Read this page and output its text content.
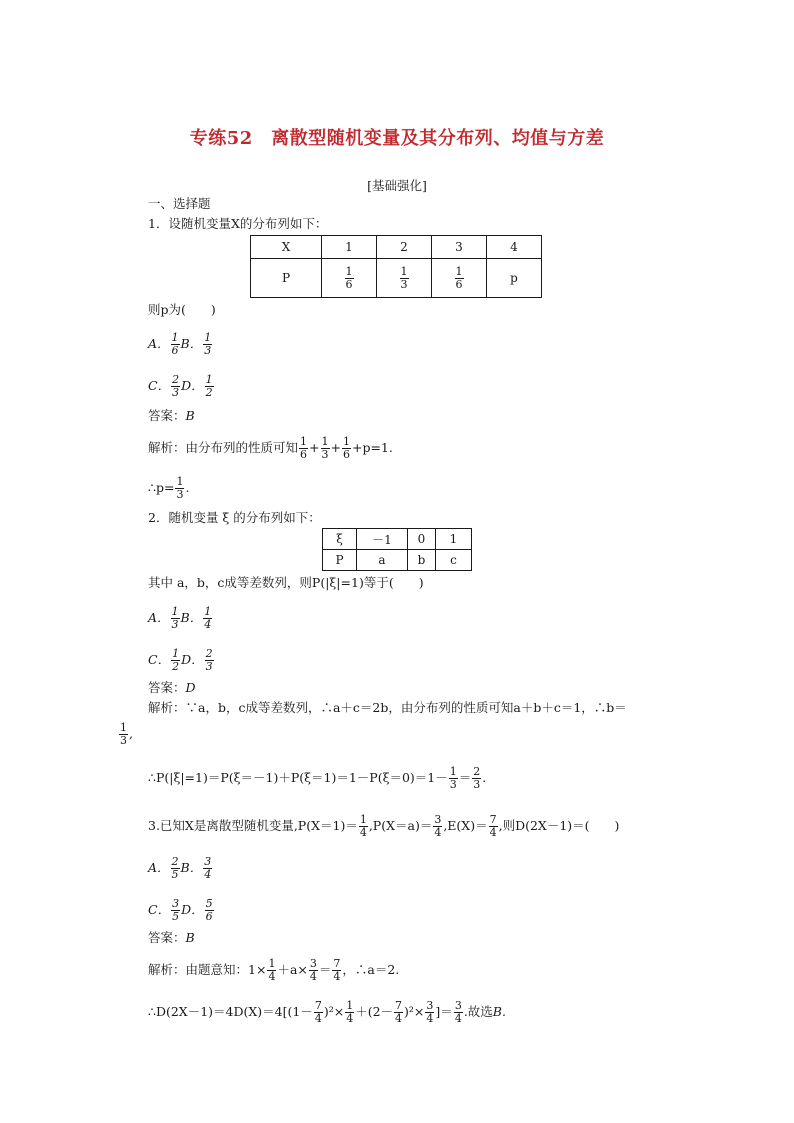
专练52　离散型随机变量及其分布列、均值与方差
[基础强化]
一、选择题
1．设随机变量X的分布列如下：
X	1	2	3	4
P	$\frac{1}{6}$	$\frac{1}{3}$	$\frac{1}{6}$	p
则p为(　　)
A． $\frac{1}{6}$ B． $\frac{1}{3}$
C． $\frac{2}{3}$ D． $\frac{1}{2}$
答案：B
解析：由分布列的性质可知 $\frac{1}{6} + \frac{1}{3} + \frac{1}{6} +p=1$.
∴p= $\frac{1}{3}$ .
2．随机变量 ξ 的分布列如下：
ξ	－1	0	1
P	a	b	c
其中 a，b，c成等差数列，则P(|ξ|=1)等于(　　)
A． $\frac{1}{3}$ B． $\frac{1}{4}$
C． $\frac{1}{2}$ D． $\frac{2}{3}$
答案：D
解析：∵a，b，c成等差数列，∴a＋c＝2b，由分布列的性质可知a＋b＋c＝1，∴b＝
$\frac{1}{3}$ ,
∴P(|ξ|=1)＝P(ξ＝－1)＋P(ξ＝1)＝1－P(ξ＝0)＝1－ $\frac{1}{3} = \frac{2}{3}$ .
3.已知X是离散型随机变量$,P(X=1)= \frac{1}{4} ,P(X=a)= \frac{3}{4} ,E(X)= \frac{7}{4}$ ,则D(2X－1)＝(　　)
A． $\frac{2}{5}$ B． $\frac{3}{4}$
C． $\frac{3}{5}$ D． $\frac{5}{6}$
答案：B
解析：由题意知：$1\times \frac{1}{4} +a\times \frac{3}{4} = \frac{7}{4}$ ，∴a＝2.
∴D(2X－1)＝4D(X)＝4[(1－ $\frac{7}{4} )^2\times \frac{1}{4} +(2- \frac{7}{4} )^2\times \frac{3}{4}$ ]＝ $\frac{3}{4}$ .故选B.
